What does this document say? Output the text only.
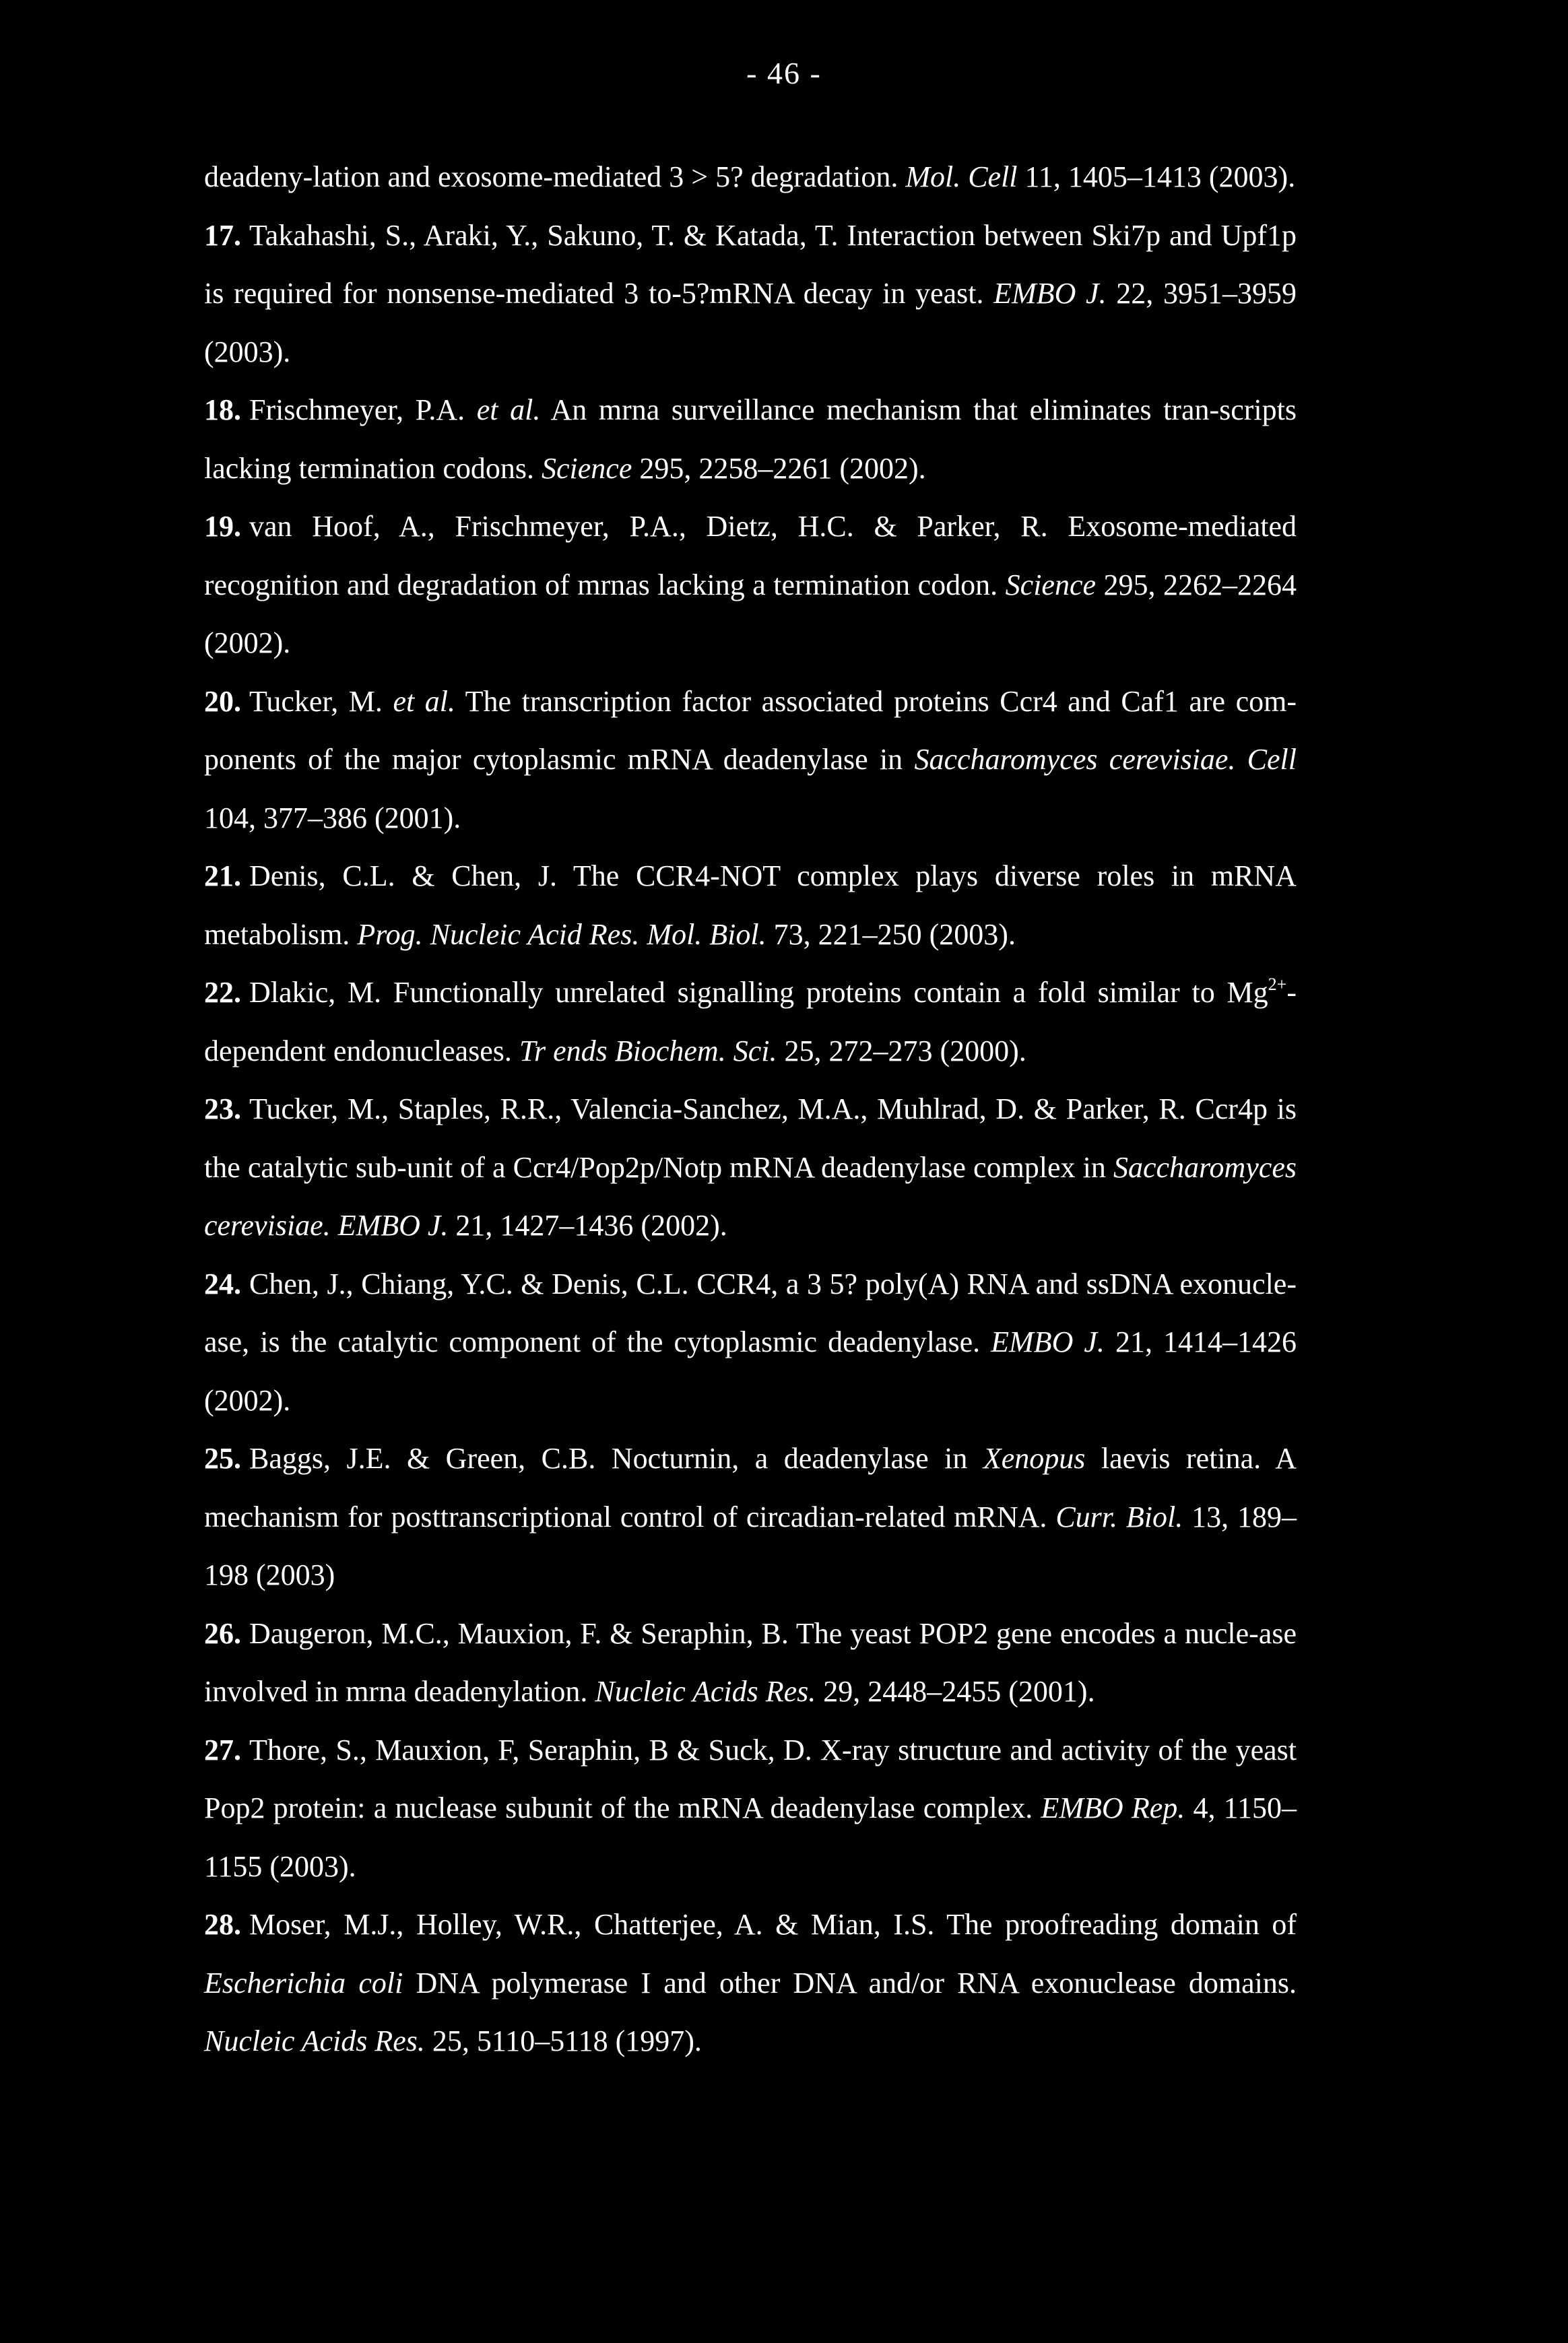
- 46 -

deadeny-lation and exosome-mediated 3 > 5? degradation. Mol. Cell 11, 1405–1413 (2003).

17. Takahashi, S., Araki, Y., Sakuno, T. & Katada, T. Interaction between Ski7p and Upf1p is required for nonsense-mediated 3 to-5?mRNA decay in yeast. EMBO J. 22, 3951–3959 (2003).

18. Frischmeyer, P.A. et al. An mrna surveillance mechanism that eliminates tran-scripts lacking termination codons. Science 295, 2258–2261 (2002).

19. van Hoof, A., Frischmeyer, P.A., Dietz, H.C. & Parker, R. Exosome-mediated recognition and degradation of mrnas lacking a termination codon. Science 295, 2262–2264 (2002).

20. Tucker, M. et al. The transcription factor associated proteins Ccr4 and Caf1 are com-ponents of the major cytoplasmic mRNA deadenylase in Saccharomyces cerevisiae. Cell 104, 377–386 (2001).

21. Denis, C.L. & Chen, J. The CCR4-NOT complex plays diverse roles in mRNA metabolism. Prog. Nucleic Acid Res. Mol. Biol. 73, 221–250 (2003).

22. Dlakic, M. Functionally unrelated signalling proteins contain a fold similar to $Mg^{2+}$-dependent endonucleases. Tr ends Biochem. Sci. 25, 272–273 (2000).

23. Tucker, M., Staples, R.R., Valencia-Sanchez, M.A., Muhlrad, D. & Parker, R. Ccr4p is the catalytic sub-unit of a Ccr4/Pop2p/Notp mRNA deadenylase complex in Saccharomyces cerevisiae. EMBO J. 21, 1427–1436 (2002).

24. Chen, J., Chiang, Y.C. & Denis, C.L. CCR4, a 3 5? poly(A) RNA and ssDNA exonucle-ase, is the catalytic component of the cytoplasmic deadenylase. EMBO J. 21, 1414–1426 (2002).

25. Baggs, J.E. & Green, C.B. Nocturnin, a deadenylase in Xenopus laevis retina. A mechanism for posttranscriptional control of circadian-related mRNA. Curr. Biol. 13, 189–198 (2003)

26. Daugeron, M.C., Mauxion, F. & Seraphin, B. The yeast POP2 gene encodes a nucle-ase involved in mrna deadenylation. Nucleic Acids Res. 29, 2448–2455 (2001).

27. Thore, S., Mauxion, F, Seraphin, B & Suck, D. X-ray structure and activity of the yeast Pop2 protein: a nuclease subunit of the mRNA deadenylase complex. EMBO Rep. 4, 1150–1155 (2003).

28. Moser, M.J., Holley, W.R., Chatterjee, A. & Mian, I.S. The proofreading domain of Escherichia coli DNA polymerase I and other DNA and/or RNA exonuclease domains. Nucleic Acids Res. 25, 5110–5118 (1997).
